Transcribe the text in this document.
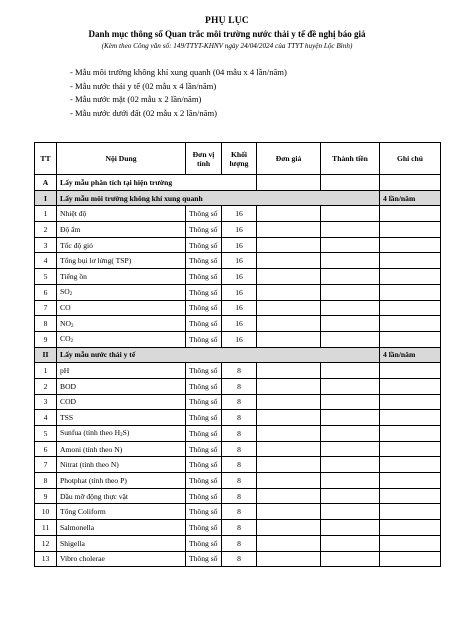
PHỤ LỤC
Danh mục thông số Quan trắc môi trường nước thải y tế đề nghị báo giá
(Kèm theo Công văn số: 149/TTYT-KHNV ngày 24/04/2024 của TTYT huyện Lộc Bình)
- Mẫu môi trường không khí xung quanh (04 mẫu x 4 lần/năm)
- Mẫu nước thải y tế (02 mẫu x 4 lần/năm)
- Mẫu nước mặt (02 mẫu x 2 lần/năm)
- Mẫu nước dưới đất (02 mẫu x 2 lần/năm)
TT	Nội Dung	Đơn vị tính	Khối lượng	Đơn giá	Thành tiền	Ghi chú
A	Lấy mẫu phân tích tại hiện trường					
I	Lấy mẫu môi trường không khí xung quanh					4 lần/năm
1	Nhiệt độ	Thông số	16			
2	Độ ẩm	Thông số	16			
3	Tốc độ gió	Thông số	16			
4	Tổng bụi lơ lửng( TSP)	Thông số	16			
5	Tiếng ồn	Thông số	16			
6	$SO_2$	Thông số	16			
7	CO	Thông số	16			
8	$NO_2$	Thông số	16			
9	$CO_2$	Thông số	16			
II	Lấy mẫu nước thải y tế					4 lần/năm
1	pH	Thông số	8			
2	BOD	Thông số	8			
3	COD	Thông số	8			
4	TSS	Thông số	8			
5	Sunfua (tính theo $H_2S$)	Thông số	8			
6	Amoni (tính theo N)	Thông số	8			
7	Nitrat (tính theo N)	Thông số	8			
8	Photphat (tính theo P)	Thông số	8			
9	Dầu mỡ động thực vật	Thông số	8			
10	Tổng Coliform	Thông số	8			
11	Salmonella	Thông số	8			
12	Shigella	Thông số	8			
13	Vibro cholerae	Thông số	8			
